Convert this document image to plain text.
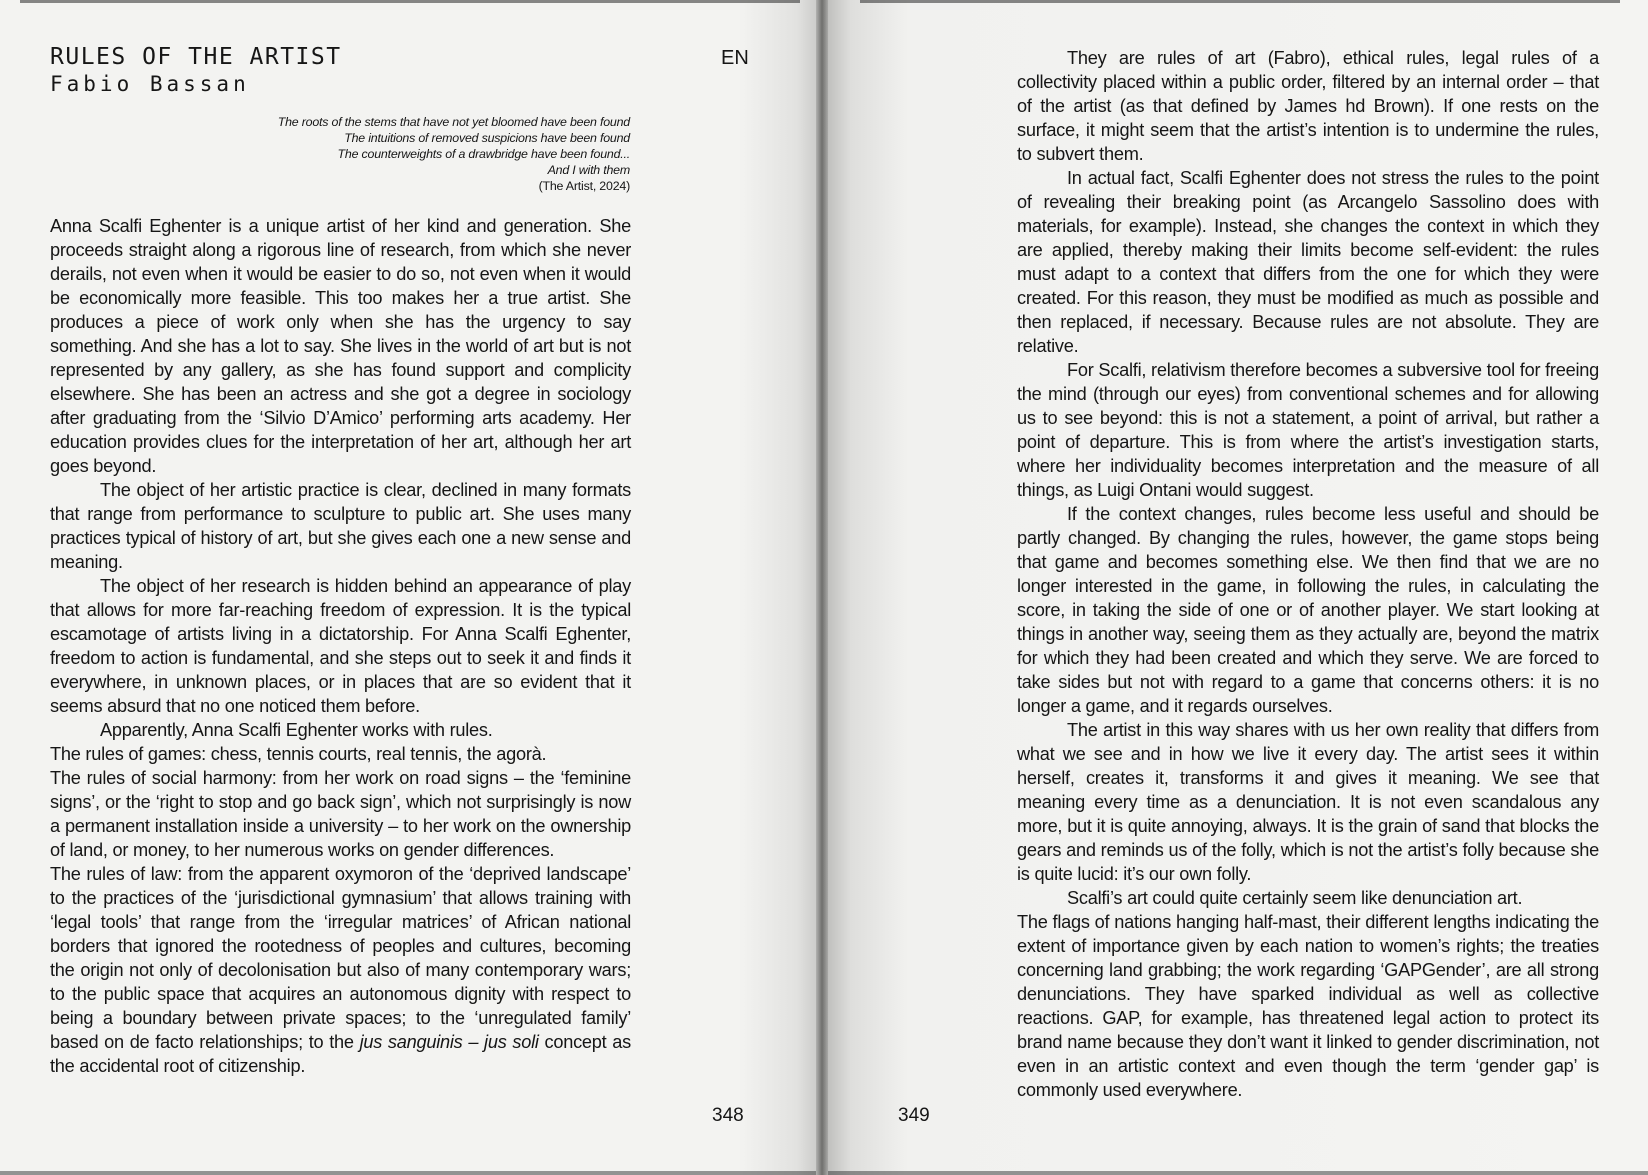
RULES OF THE ARTIST
Fabio Bassan
EN
The roots of the stems that have not yet bloomed have been found
The intuitions of removed suspicions have been found
The counterweights of a drawbridge have been found...
And I with them
(The Artist, 2024)

Anna Scalfi Eghenter is a unique artist of her kind and generation. She proceeds straight along a rigorous line of research, from which she never derails, not even when it would be easier to do so, not even when it would be economically more feasible. This too makes her a true artist. She produces a piece of work only when she has the urgency to say something. And she has a lot to say. She lives in the world of art but is not represented by any gallery, as she has found support and complicity elsewhere. She has been an actress and she got a degree in sociology after graduating from the ‘Silvio D’Amico’ performing arts academy. Her education provides clues for the interpretation of her art, although her art goes beyond.

The object of her artistic practice is clear, declined in many formats that range from performance to sculpture to public art. She uses many practices typical of history of art, but she gives each one a new sense and meaning.

The object of her research is hidden behind an appearance of play that allows for more far-reaching freedom of expression. It is the typical escamotage of artists living in a dictatorship. For Anna Scalfi Eghenter, freedom to action is fundamental, and she steps out to seek it and finds it everywhere, in unknown places, or in places that are so evident that it seems absurd that no one noticed them before.

Apparently, Anna Scalfi Eghenter works with rules.

The rules of games: chess, tennis courts, real tennis, the agorà.

The rules of social harmony: from her work on road signs – the ‘feminine signs’, or the ‘right to stop and go back sign’, which not surprisingly is now a permanent installation inside a university – to her work on the ownership of land, or money, to her numerous works on gender differences.

The rules of law: from the apparent oxymoron of the ‘deprived landscape’ to the practices of the ‘jurisdictional gymnasium’ that allows training with ‘legal tools’ that range from the ‘irregular matrices’ of African national borders that ignored the rootedness of peoples and cultures, becoming the origin not only of decolonisation but also of many contemporary wars; to the public space that acquires an autonomous dignity with respect to being a boundary between private spaces; to the ‘unregulated family’ based on de facto relationships; to the jus sanguinis – jus soli concept as the accidental root of citizenship.

348	349

They are rules of art (Fabro), ethical rules, legal rules of a collectivity placed within a public order, filtered by an internal order – that of the artist (as that defined by James hd Brown). If one rests on the surface, it might seem that the artist’s intention is to undermine the rules, to subvert them.

In actual fact, Scalfi Eghenter does not stress the rules to the point of revealing their breaking point (as Arcangelo Sassolino does with materials, for example). Instead, she changes the context in which they are applied, thereby making their limits become self-evident: the rules must adapt to a context that differs from the one for which they were created. For this reason, they must be modified as much as possible and then replaced, if necessary. Because rules are not absolute. They are relative.

For Scalfi, relativism therefore becomes a subversive tool for freeing the mind (through our eyes) from conventional schemes and for allowing us to see beyond: this is not a statement, a point of arrival, but rather a point of departure. This is from where the artist’s investigation starts, where her individuality becomes interpretation and the measure of all things, as Luigi Ontani would suggest.

If the context changes, rules become less useful and should be partly changed. By changing the rules, however, the game stops being that game and becomes something else. We then find that we are no longer interested in the game, in following the rules, in calculating the score, in taking the side of one or of another player. We start looking at things in another way, seeing them as they actually are, beyond the matrix for which they had been created and which they serve. We are forced to take sides but not with regard to a game that concerns others: it is no longer a game, and it regards ourselves.

The artist in this way shares with us her own reality that differs from what we see and in how we live it every day. The artist sees it within herself, creates it, transforms it and gives it meaning. We see that meaning every time as a denunciation. It is not even scandalous any more, but it is quite annoying, always. It is the grain of sand that blocks the gears and reminds us of the folly, which is not the artist’s folly because she is quite lucid: it’s our own folly.

Scalfi’s art could quite certainly seem like denunciation art.

The flags of nations hanging half-mast, their different lengths indicating the extent of importance given by each nation to women’s rights; the treaties concerning land grabbing; the work regarding ‘GAPGender’, are all strong denunciations. They have sparked individual as well as collective reactions. GAP, for example, has threatened legal action to protect its brand name because they don’t want it linked to gender discrimination, not even in an artistic context and even though the term ‘gender gap’ is commonly used everywhere.
